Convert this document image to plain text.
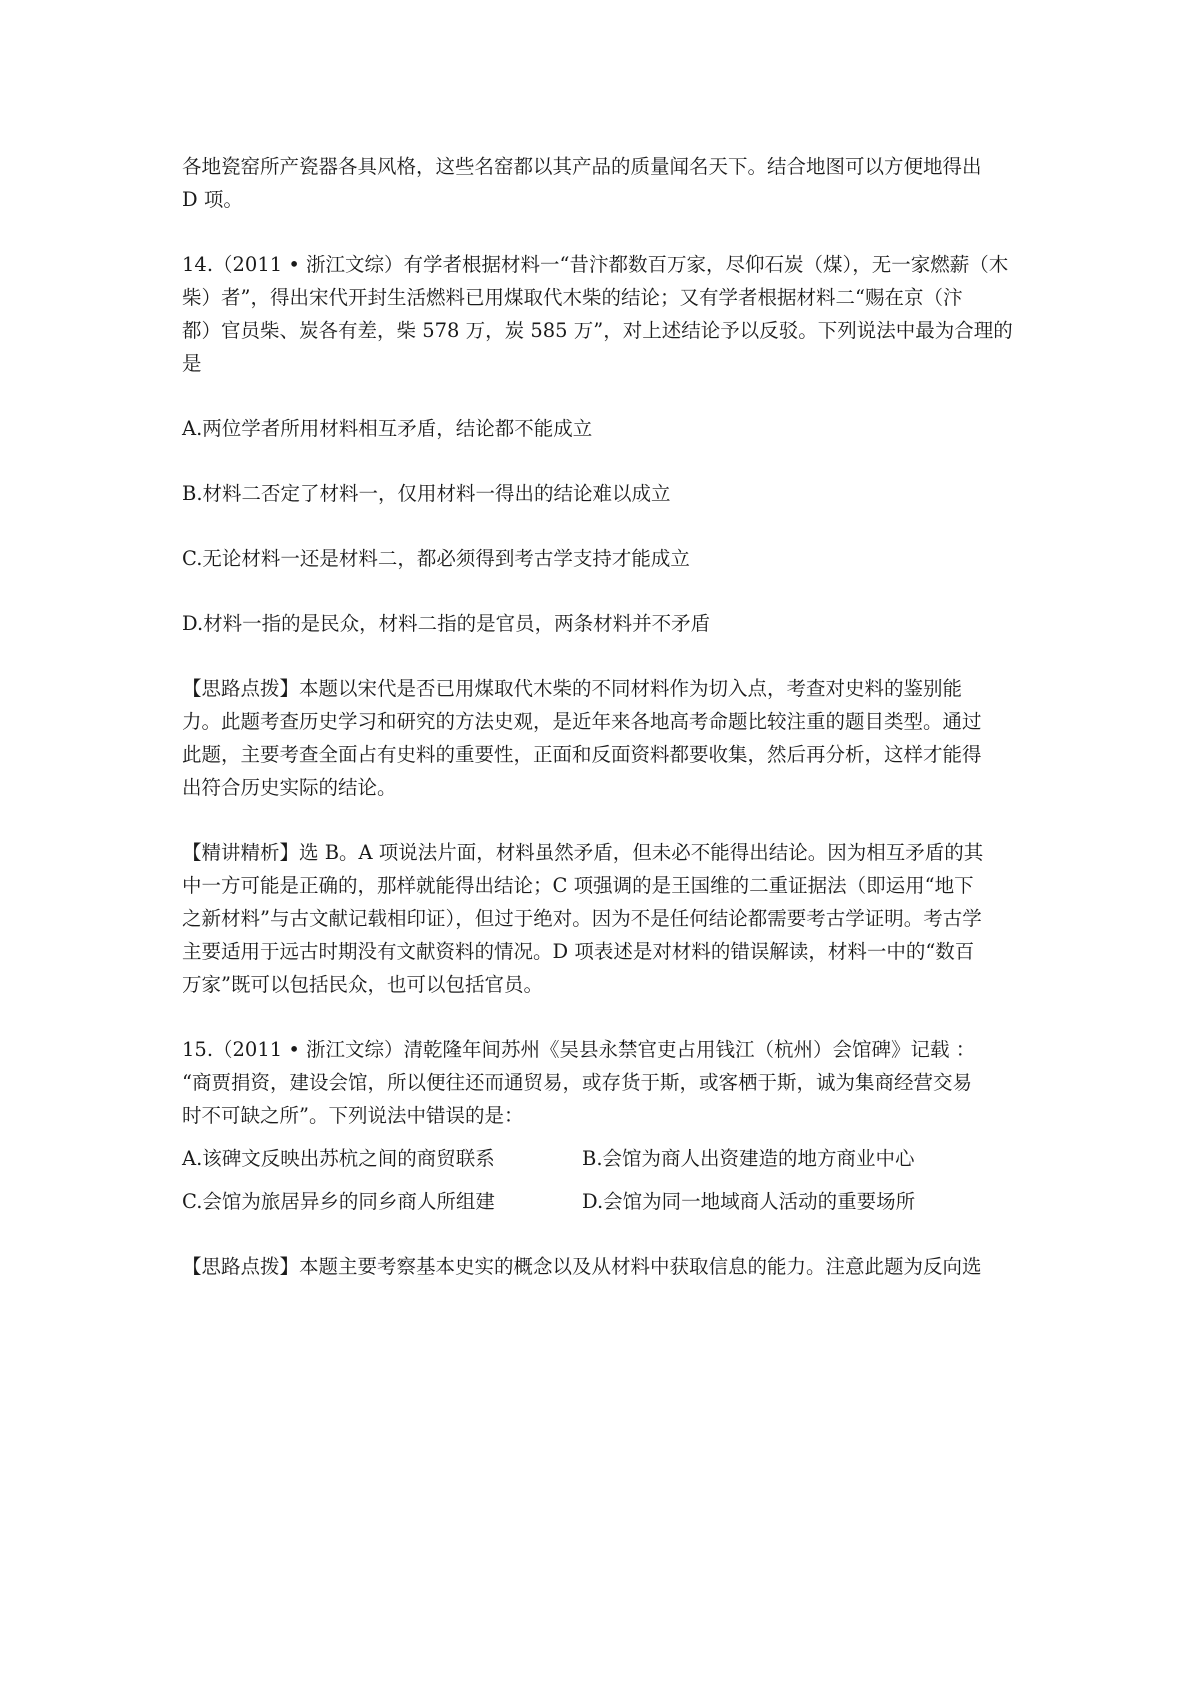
各地瓷窑所产瓷器各具风格，这些名窑都以其产品的质量闻名天下。结合地图可以方便地得出

D 项。

14.（2011 • 浙江文综）有学者根据材料一“昔汴都数百万家，尽仰石炭（煤），无一家燃薪（木

柴）者”，得出宋代开封生活燃料已用煤取代木柴的结论；又有学者根据材料二“赐在京（汴

都）官员柴、炭各有差，柴 578 万，炭 585 万”，对上述结论予以反驳。下列说法中最为合理的

是

A.两位学者所用材料相互矛盾，结论都不能成立

B.材料二否定了材料一，仅用材料一得出的结论难以成立

C.无论材料一还是材料二，都必须得到考古学支持才能成立

D.材料一指的是民众，材料二指的是官员，两条材料并不矛盾

【思路点拨】本题以宋代是否已用煤取代木柴的不同材料作为切入点，考查对史料的鉴别能

力。此题考查历史学习和研究的方法史观，是近年来各地高考命题比较注重的题目类型。通过

此题，主要考查全面占有史料的重要性，正面和反面资料都要收集，然后再分析，这样才能得

出符合历史实际的结论。

【精讲精析】选 B。A 项说法片面，材料虽然矛盾，但未必不能得出结论。因为相互矛盾的其

中一方可能是正确的，那样就能得出结论；C 项强调的是王国维的二重证据法（即运用“地下

之新材料”与古文献记载相印证），但过于绝对。因为不是任何结论都需要考古学证明。考古学

主要适用于远古时期没有文献资料的情况。D 项表述是对材料的错误解读，材料一中的“数百

万家”既可以包括民众，也可以包括官员。

15.（2011 • 浙江文综）清乾隆年间苏州《吴县永禁官吏占用钱江（杭州）会馆碑》记载 ：

“商贾捐资，建设会馆，所以便往还而通贸易，或存货于斯，或客栖于斯，诚为集商经营交易

时不可缺之所”。下列说法中错误的是：

A.该碑文反映出苏杭之间的商贸联系	B.会馆为商人出资建造的地方商业中心
C.会馆为旅居异乡的同乡商人所组建	D.会馆为同一地域商人活动的重要场所

【思路点拨】本题主要考察基本史实的概念以及从材料中获取信息的能力。注意此题为反向选
